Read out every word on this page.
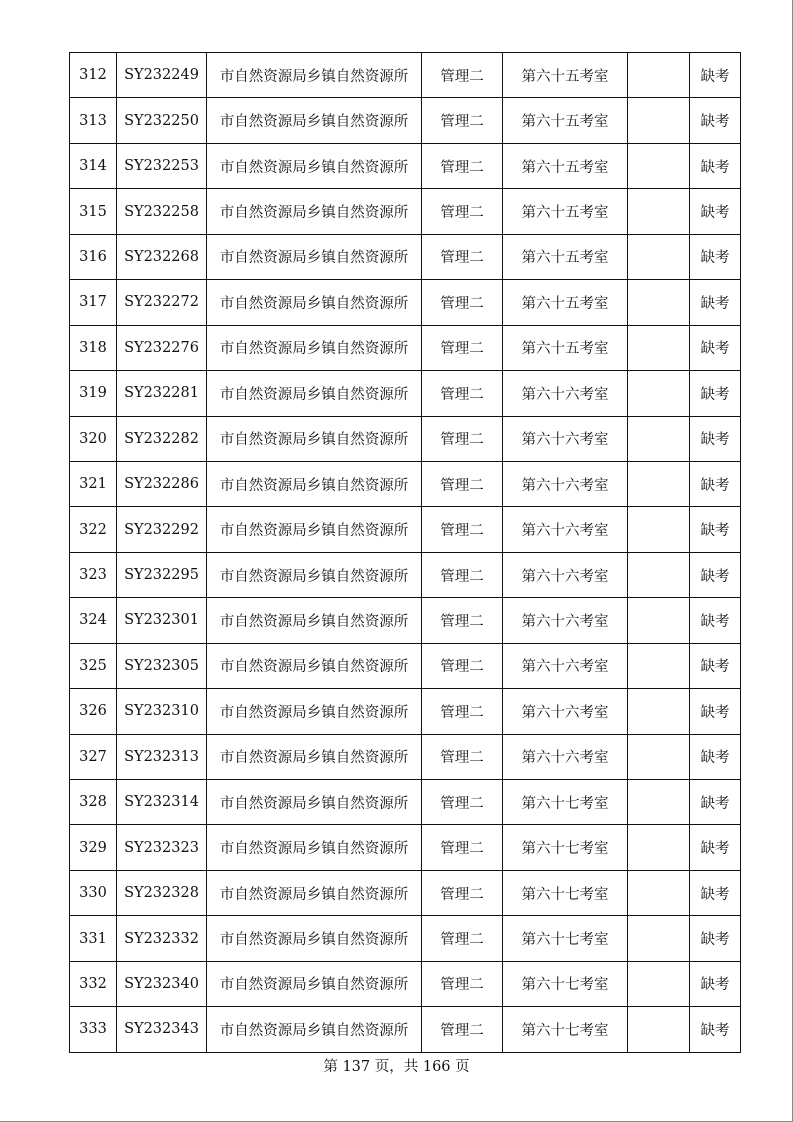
312	SY232249	市自然资源局乡镇自然资源所	管理二	第六十五考室		缺考
313	SY232250	市自然资源局乡镇自然资源所	管理二	第六十五考室		缺考
314	SY232253	市自然资源局乡镇自然资源所	管理二	第六十五考室		缺考
315	SY232258	市自然资源局乡镇自然资源所	管理二	第六十五考室		缺考
316	SY232268	市自然资源局乡镇自然资源所	管理二	第六十五考室		缺考
317	SY232272	市自然资源局乡镇自然资源所	管理二	第六十五考室		缺考
318	SY232276	市自然资源局乡镇自然资源所	管理二	第六十五考室		缺考
319	SY232281	市自然资源局乡镇自然资源所	管理二	第六十六考室		缺考
320	SY232282	市自然资源局乡镇自然资源所	管理二	第六十六考室		缺考
321	SY232286	市自然资源局乡镇自然资源所	管理二	第六十六考室		缺考
322	SY232292	市自然资源局乡镇自然资源所	管理二	第六十六考室		缺考
323	SY232295	市自然资源局乡镇自然资源所	管理二	第六十六考室		缺考
324	SY232301	市自然资源局乡镇自然资源所	管理二	第六十六考室		缺考
325	SY232305	市自然资源局乡镇自然资源所	管理二	第六十六考室		缺考
326	SY232310	市自然资源局乡镇自然资源所	管理二	第六十六考室		缺考
327	SY232313	市自然资源局乡镇自然资源所	管理二	第六十六考室		缺考
328	SY232314	市自然资源局乡镇自然资源所	管理二	第六十七考室		缺考
329	SY232323	市自然资源局乡镇自然资源所	管理二	第六十七考室		缺考
330	SY232328	市自然资源局乡镇自然资源所	管理二	第六十七考室		缺考
331	SY232332	市自然资源局乡镇自然资源所	管理二	第六十七考室		缺考
332	SY232340	市自然资源局乡镇自然资源所	管理二	第六十七考室		缺考
333	SY232343	市自然资源局乡镇自然资源所	管理二	第六十七考室		缺考
第 137 页，共 166 页
